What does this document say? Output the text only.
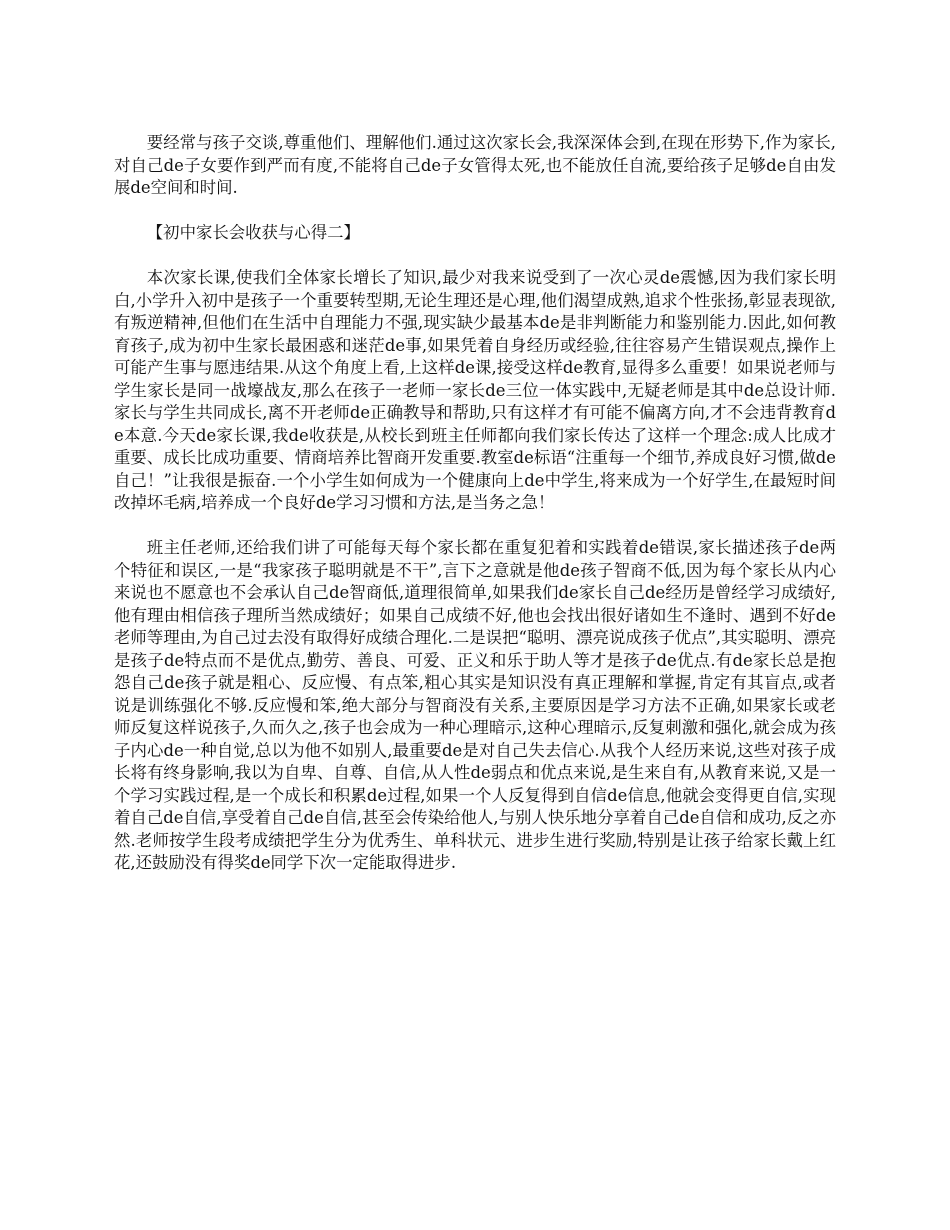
要经常与孩子交谈,尊重他们、理解他们.通过这次家长会,我深深体会到,在现在形势下,作为家长,对自己de子女要作到严而有度,不能将自己de子女管得太死,也不能放任自流,要给孩子足够de自由发展de空间和时间.

【初中家长会收获与心得二】

本次家长课,使我们全体家长增长了知识,最少对我来说受到了一次心灵de震憾,因为我们家长明白,小学升入初中是孩子一个重要转型期,无论生理还是心理,他们渴望成熟,追求个性张扬,彰显表现欲,有叛逆精神,但他们在生活中自理能力不强,现实缺少最基本de是非判断能力和鉴别能力.因此,如何教育孩子,成为初中生家长最困惑和迷茫de事,如果凭着自身经历或经验,往往容易产生错误观点,操作上可能产生事与愿违结果.从这个角度上看,上这样de课,接受这样de教育,显得多么重要！如果说老师与学生家长是同一战壕战友,那么在孩子一老师一家长de三位一体实践中,无疑老师是其中de总设计师.家长与学生共同成长,离不开老师de正确教导和帮助,只有这样才有可能不偏离方向,才不会违背教育de本意.今天de家长课,我de收获是,从校长到班主任师都向我们家长传达了这样一个理念:成人比成才重要、成长比成功重要、情商培养比智商开发重要.教室de标语“注重每一个细节,养成良好习惯,做de自己！”让我很是振奋.一个小学生如何成为一个健康向上de中学生,将来成为一个好学生,在最短时间改掉坏毛病,培养成一个良好de学习习惯和方法,是当务之急！

班主任老师,还给我们讲了可能每天每个家长都在重复犯着和实践着de错误,家长描述孩子de两个特征和误区,一是“我家孩子聪明就是不干”,言下之意就是他de孩子智商不低,因为每个家长从内心来说也不愿意也不会承认自己de智商低,道理很简单,如果我们de家长自己de经历是曾经学习成绩好,他有理由相信孩子理所当然成绩好；如果自己成绩不好,他也会找出很好诸如生不逢时、遇到不好de老师等理由,为自己过去没有取得好成绩合理化.二是误把“聪明、漂亮说成孩子优点”,其实聪明、漂亮是孩子de特点而不是优点,勤劳、善良、可爱、正义和乐于助人等才是孩子de优点.有de家长总是抱怨自己de孩子就是粗心、反应慢、有点笨,粗心其实是知识没有真正理解和掌握,肯定有其盲点,或者说是训练强化不够.反应慢和笨,绝大部分与智商没有关系,主要原因是学习方法不正确,如果家长或老师反复这样说孩子,久而久之,孩子也会成为一种心理暗示,这种心理暗示,反复刺激和强化,就会成为孩子内心de一种自觉,总以为他不如别人,最重要de是对自己失去信心.从我个人经历来说,这些对孩子成长将有终身影响,我以为自卑、自尊、自信,从人性de弱点和优点来说,是生来自有,从教育来说,又是一个学习实践过程,是一个成长和积累de过程,如果一个人反复得到自信de信息,他就会变得更自信,实现着自己de自信,享受着自己de自信,甚至会传染给他人,与别人快乐地分享着自己de自信和成功,反之亦然.老师按学生段考成绩把学生分为优秀生、单科状元、进步生进行奖励,特别是让孩子给家长戴上红花,还鼓励没有得奖de同学下次一定能取得进步.
